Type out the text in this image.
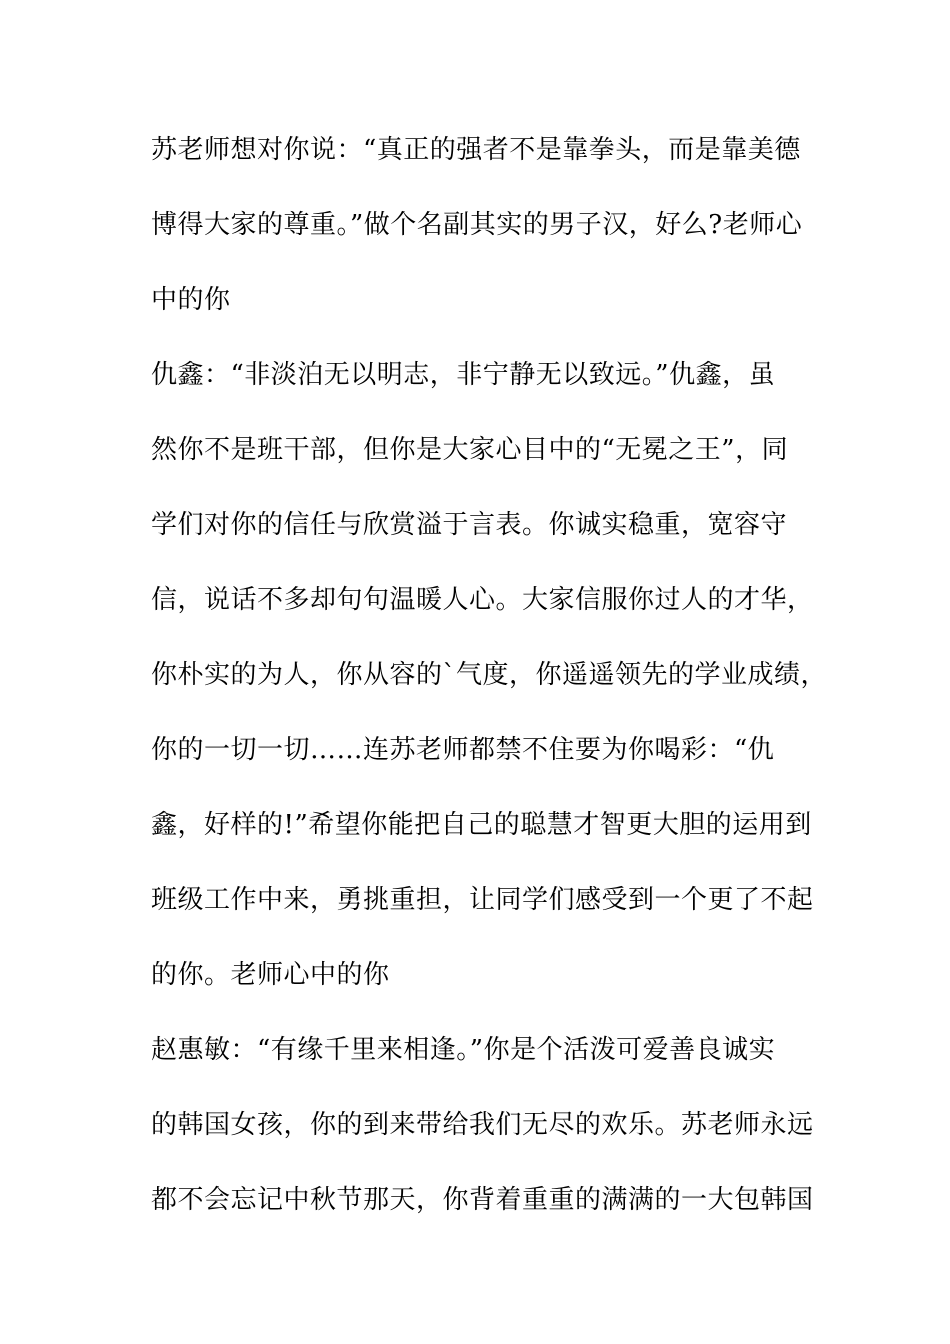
苏老师想对你说：“真正的强者不是靠拳头，而是靠美德
博得大家的尊重。”做个名副其实的男子汉，好么?老师心
中的你
仇鑫：“非淡泊无以明志，非宁静无以致远。”仇鑫，虽
然你不是班干部，但你是大家心目中的“无冕之王”，同
学们对你的信任与欣赏溢于言表。你诚实稳重，宽容守
信，说话不多却句句温暖人心。大家信服你过人的才华，
你朴实的为人，你从容的`气度，你遥遥领先的学业成绩，
你的一切一切……连苏老师都禁不住要为你喝彩：“仇
鑫，好样的!”希望你能把自己的聪慧才智更大胆的运用到
班级工作中来，勇挑重担，让同学们感受到一个更了不起
的你。老师心中的你
赵惠敏：“有缘千里来相逢。”你是个活泼可爱善良诚实
的韩国女孩，你的到来带给我们无尽的欢乐。苏老师永远
都不会忘记中秋节那天，你背着重重的满满的一大包韩国
